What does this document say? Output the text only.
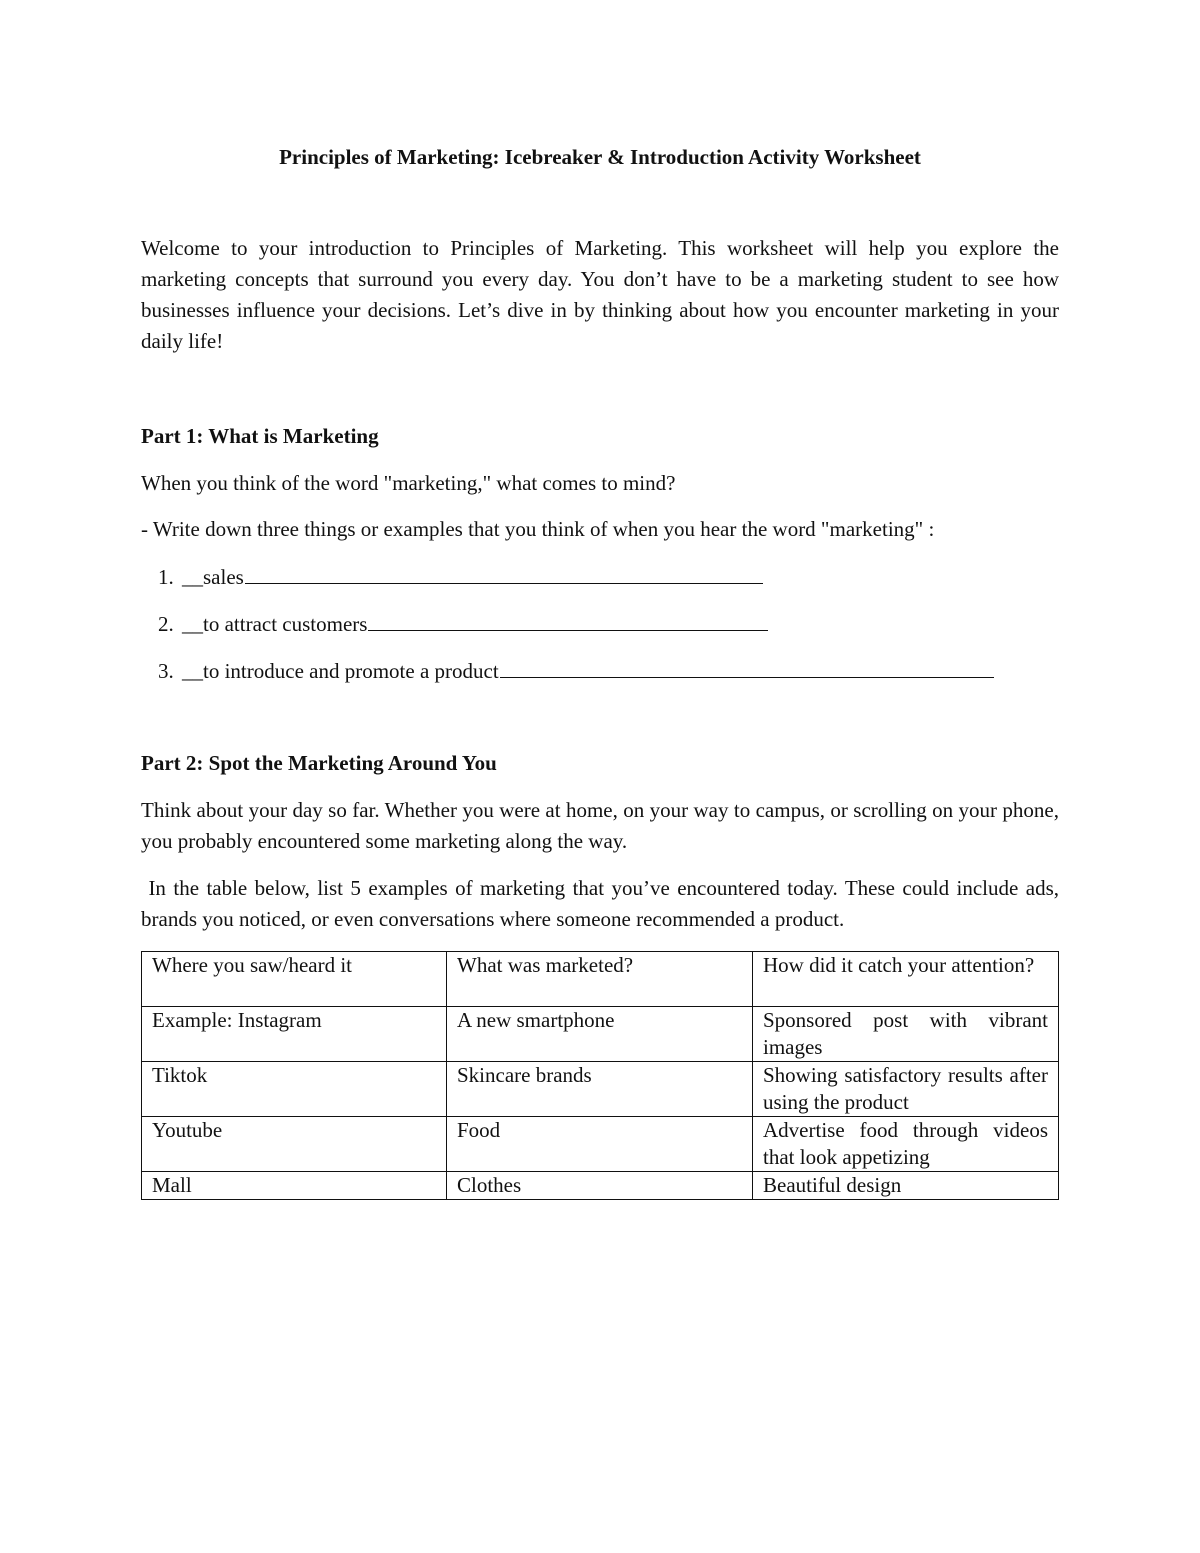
Principles of Marketing: Icebreaker & Introduction Activity Worksheet

Welcome to your introduction to Principles of Marketing. This worksheet will help you explore the marketing concepts that surround you every day. You don’t have to be a marketing student to see how businesses influence your decisions. Let’s dive in by thinking about how you encounter marketing in your daily life!

Part 1: What is Marketing
When you think of the word "marketing," what comes to mind?
- Write down three things or examples that you think of when you hear the word "marketing" :
1. __sales
2. __to attract customers
3. __to introduce and promote a product
Part 2: Spot the Marketing Around You

Think about your day so far. Whether you were at home, on your way to campus, or scrolling on your phone, you probably encountered some marketing along the way.

In the table below, list 5 examples of marketing that you’ve encountered today. These could include ads, brands you noticed, or even conversations where someone recommended a product.

Where you saw/heard it	What was marketed?	How did it catch your attention?
Example: Instagram	A new smartphone	Sponsored post with vibrant images
Tiktok	Skincare brands	Showing satisfactory results after using the product
Youtube	Food	Advertise food through videos that look appetizing
Mall	Clothes	Beautiful design
